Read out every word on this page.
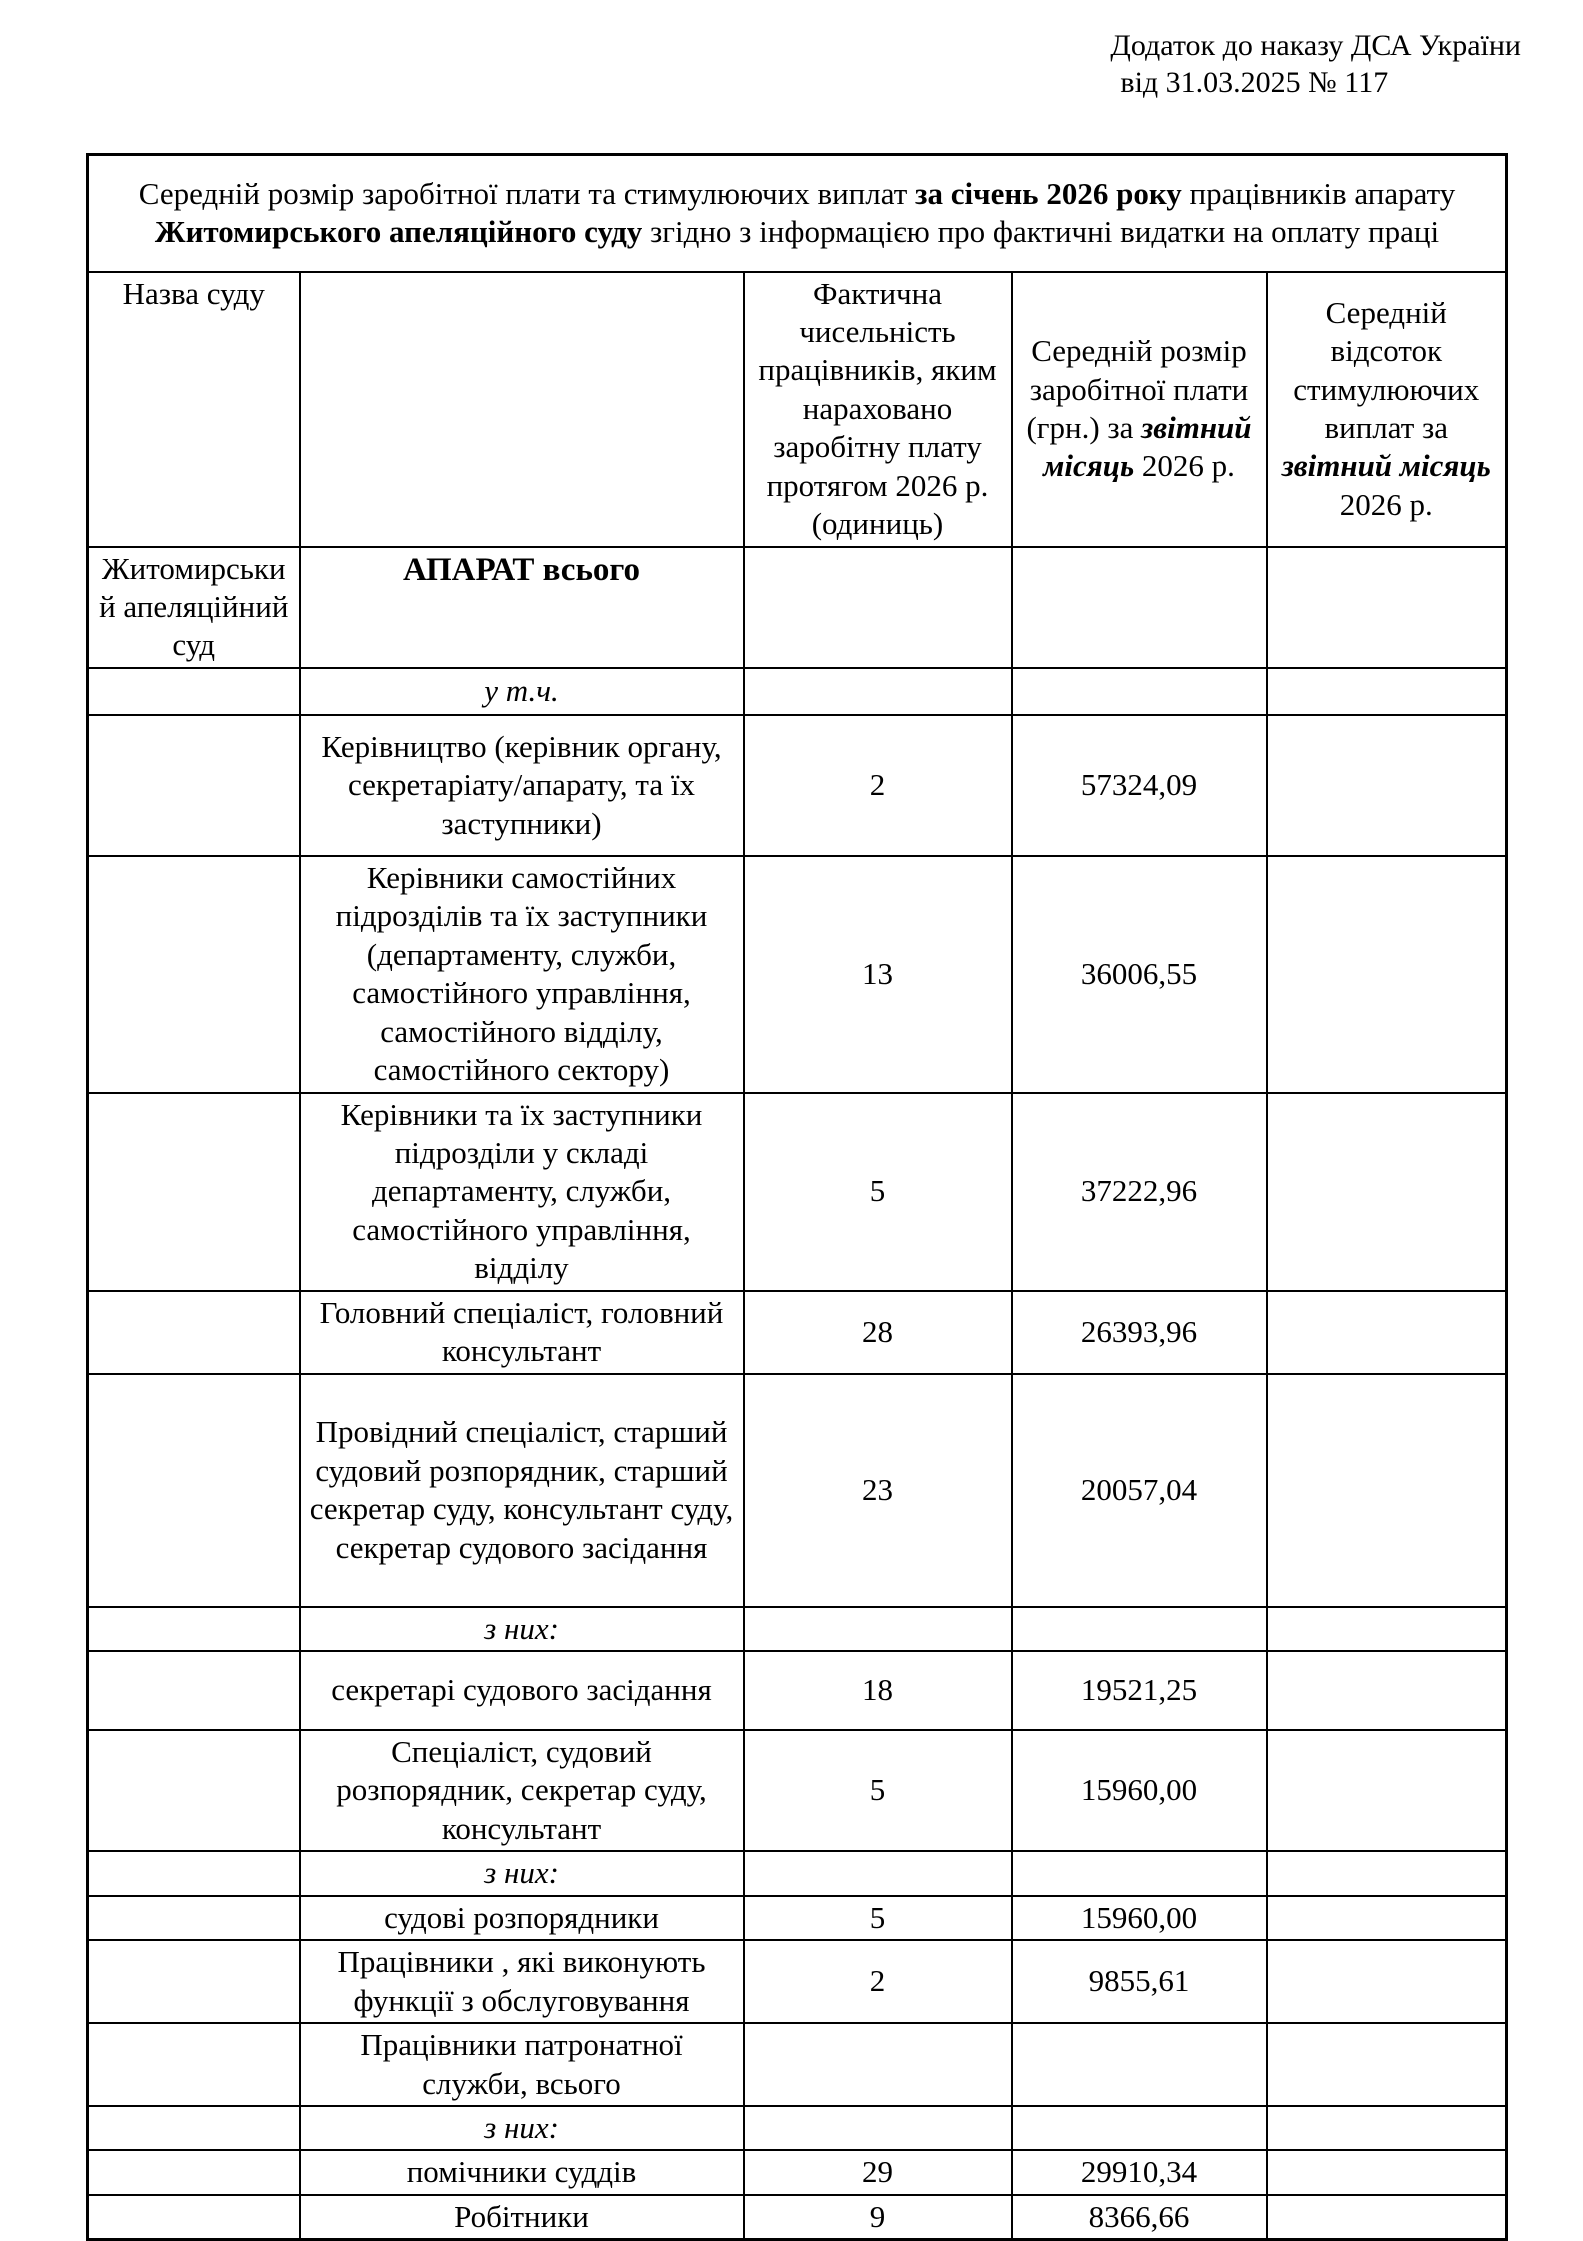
Додаток до наказу ДСА України
від 31.03.2025 № 117
Середній розмір заробітної плати та стимулюючих виплат за січень 2026 року працівників апарату Житомирського апеляційного суду згідно з інформацією про фактичні видатки на оплату праці				
Назва суду		Фактична чисельність працівників, яким нараховано заробітну плату протягом 2026 р. (одиниць)	Середній розмір заробітної плати (грн.) за звітний місяць 2026 р.	Середній відсоток стимулюючих виплат за звітний місяць 2026 р.
Житомирський апеляційний суд	АПАРАТ всього			
	у т.ч.			
	Керівництво (керівник органу, секретаріату/апарату, та їх заступники)	2	57324,09	
	Керівники самостійних підрозділів та їх заступники (департаменту, служби, самостійного управління, самостійного відділу, самостійного сектору)	13	36006,55	
	Керівники та їх заступники підрозділи у складі департаменту, служби, самостійного управління, відділу	5	37222,96	
	Головний спеціаліст, головний консультант	28	26393,96	
	Провідний спеціаліст, старший судовий розпорядник, старший секретар суду, консультант суду, секретар судового засідання	23	20057,04	
	з них:			
	секретарі судового засідання	18	19521,25	
	Спеціаліст, судовий розпорядник, секретар суду, консультант	5	15960,00	
	з них:			
	судові розпорядники	5	15960,00	
	Працівники , які виконують функції з обслуговування	2	9855,61	
	Працівники патронатної служби, всього			
	з них:			
	помічники суддів	29	29910,34	
	Робітники	9	8366,66	
